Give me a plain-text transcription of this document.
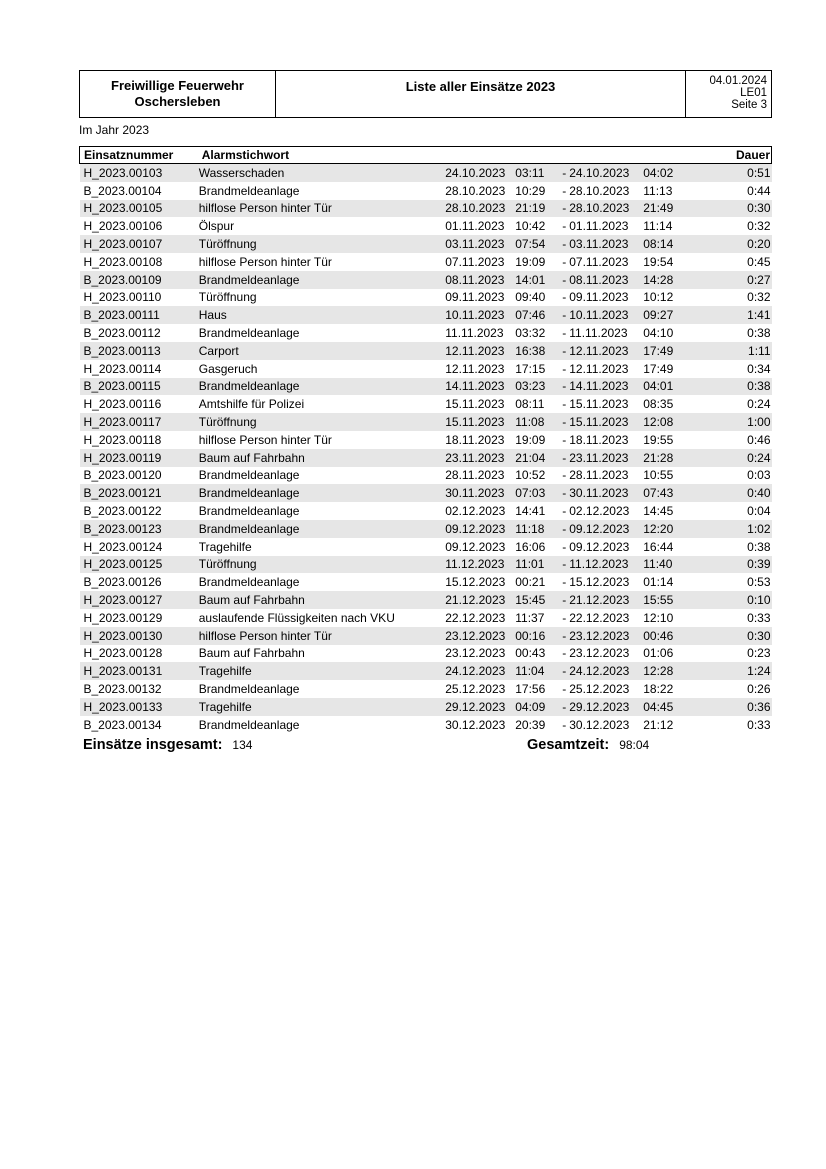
Freiwillige Feuerwehr
Oschersleben
Liste aller Einsätze 2023	04.01.2024
LE01
Seite 3
Im Jahr 2023
Einsatznummer	Alarmstichwort		Dauer
H_2023.00103	Wasserschaden	24.10.2023 03:11 - 24.10.2023 04:02	0:51
B_2023.00104	Brandmeldeanlage	28.10.2023 10:29 - 28.10.2023 11:13	0:44
H_2023.00105	hilflose Person hinter Tür	28.10.2023 21:19 - 28.10.2023 21:49	0:30
H_2023.00106	Ölspur	01.11.2023 10:42 - 01.11.2023 11:14	0:32
H_2023.00107	Türöffnung	03.11.2023 07:54 - 03.11.2023 08:14	0:20
H_2023.00108	hilflose Person hinter Tür	07.11.2023 19:09 - 07.11.2023 19:54	0:45
B_2023.00109	Brandmeldeanlage	08.11.2023 14:01 - 08.11.2023 14:28	0:27
H_2023.00110	Türöffnung	09.11.2023 09:40 - 09.11.2023 10:12	0:32
B_2023.00111	Haus	10.11.2023 07:46 - 10.11.2023 09:27	1:41
B_2023.00112	Brandmeldeanlage	11.11.2023 03:32 - 11.11.2023 04:10	0:38
B_2023.00113	Carport	12.11.2023 16:38 - 12.11.2023 17:49	1:11
H_2023.00114	Gasgeruch	12.11.2023 17:15 - 12.11.2023 17:49	0:34
B_2023.00115	Brandmeldeanlage	14.11.2023 03:23 - 14.11.2023 04:01	0:38
H_2023.00116	Amtshilfe für Polizei	15.11.2023 08:11 - 15.11.2023 08:35	0:24
H_2023.00117	Türöffnung	15.11.2023 11:08 - 15.11.2023 12:08	1:00
H_2023.00118	hilflose Person hinter Tür	18.11.2023 19:09 - 18.11.2023 19:55	0:46
H_2023.00119	Baum auf Fahrbahn	23.11.2023 21:04 - 23.11.2023 21:28	0:24
B_2023.00120	Brandmeldeanlage	28.11.2023 10:52 - 28.11.2023 10:55	0:03
B_2023.00121	Brandmeldeanlage	30.11.2023 07:03 - 30.11.2023 07:43	0:40
B_2023.00122	Brandmeldeanlage	02.12.2023 14:41 - 02.12.2023 14:45	0:04
B_2023.00123	Brandmeldeanlage	09.12.2023 11:18 - 09.12.2023 12:20	1:02
H_2023.00124	Tragehilfe	09.12.2023 16:06 - 09.12.2023 16:44	0:38
H_2023.00125	Türöffnung	11.12.2023 11:01 - 11.12.2023 11:40	0:39
B_2023.00126	Brandmeldeanlage	15.12.2023 00:21 - 15.12.2023 01:14	0:53
H_2023.00127	Baum auf Fahrbahn	21.12.2023 15:45 - 21.12.2023 15:55	0:10
H_2023.00129	auslaufende Flüssigkeiten nach VKU	22.12.2023 11:37 - 22.12.2023 12:10	0:33
H_2023.00130	hilflose Person hinter Tür	23.12.2023 00:16 - 23.12.2023 00:46	0:30
H_2023.00128	Baum auf Fahrbahn	23.12.2023 00:43 - 23.12.2023 01:06	0:23
H_2023.00131	Tragehilfe	24.12.2023 11:04 - 24.12.2023 12:28	1:24
B_2023.00132	Brandmeldeanlage	25.12.2023 17:56 - 25.12.2023 18:22	0:26
H_2023.00133	Tragehilfe	29.12.2023 04:09 - 29.12.2023 04:45	0:36
B_2023.00134	Brandmeldeanlage	30.12.2023 20:39 - 30.12.2023 21:12	0:33
Einsätze insgesamt: 134	Gesamtzeit: 98:04
